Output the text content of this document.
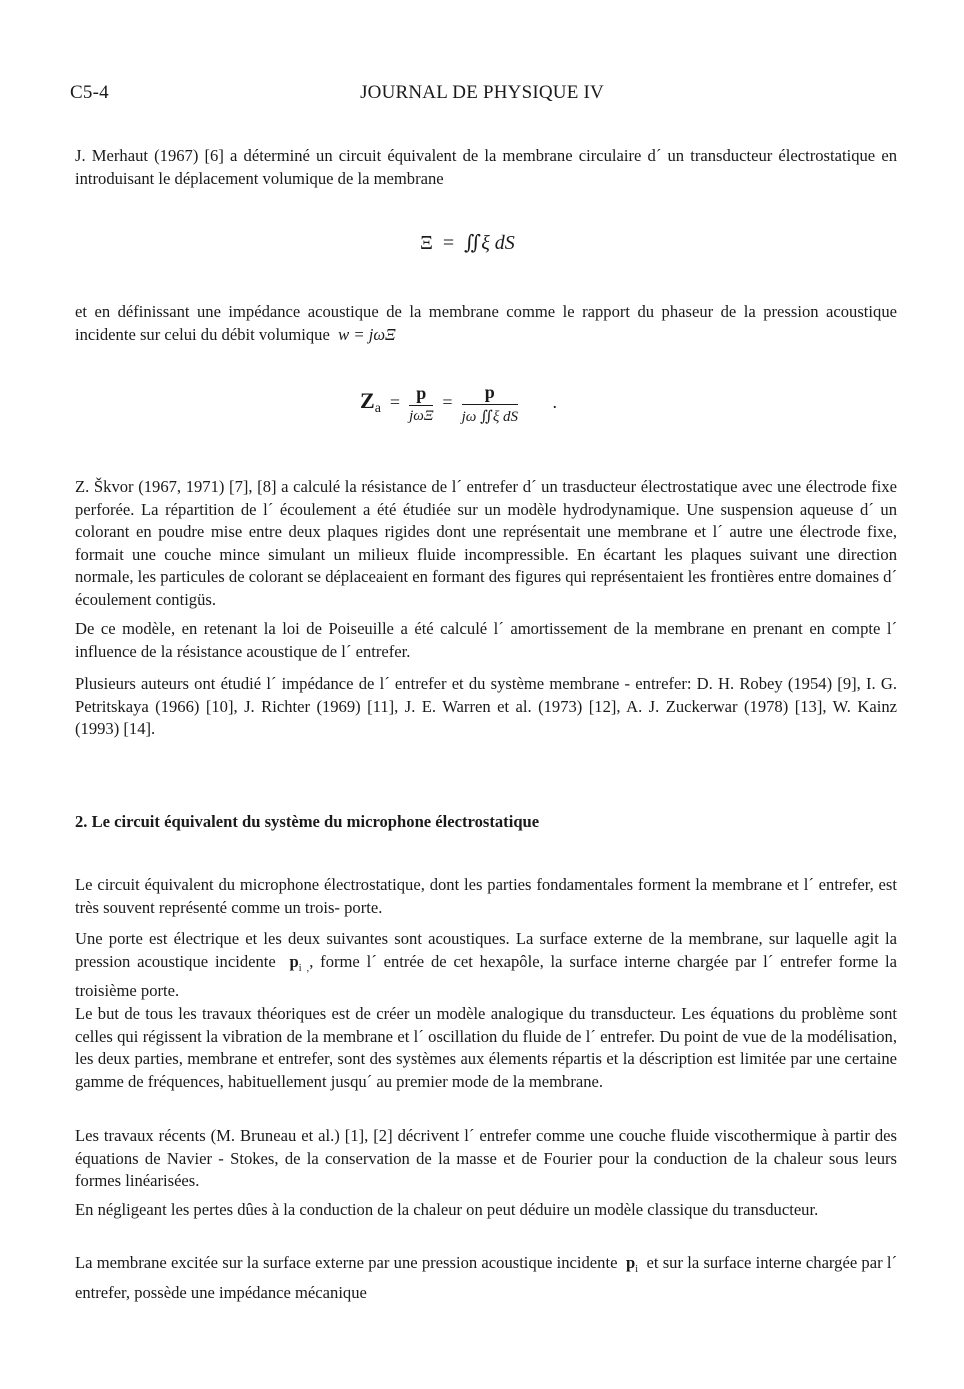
C5-4	JOURNAL DE PHYSIQUE IV
J. Merhaut (1967) [6] a déterminé un circuit équivalent de la membrane circulaire d´ un transducteur électrostatique en introduisant le déplacement volumique de la membrane
Ξ = ∬ξ dS
et en définissant une impédance acoustique de la membrane comme le rapport du phaseur de la pression acoustique incidente sur celui du débit volumique w = jωΞ
$Z_a = \frac{p}{\text{jωΞ}} = \frac{p}{\text{jω ∬ξ dS}}$ .
Z. Škvor (1967, 1971) [7], [8] a calculé la résistance de l´ entrefer d´ un trasducteur électrostatique avec une électrode fixe perforée. La répartition de l´ écoulement a été étudiée sur un modèle hydrodynamique. Une suspension aqueuse d´ un colorant en poudre mise entre deux plaques rigides dont une représentait une membrane et l´ autre une électrode fixe, formait une couche mince simulant un milieux fluide incompressible. En écartant les plaques suivant une direction normale, les particules de colorant se déplaceaient en formant des figures qui représentaient les frontières entre domaines d´ écoulement contigüs.
De ce modèle, en retenant la loi de Poiseuille a été calculé l´ amortissement de la membrane en prenant en compte l´ influence de la résistance acoustique de l´ entrefer.
Plusieurs auteurs ont étudié l´ impédance de l´ entrefer et du système membrane - entrefer: D. H. Robey (1954) [9], I. G. Petritskaya (1966) [10], J. Richter (1969) [11], J. E. Warren et al. (1973) [12], A. J. Zuckerwar (1978) [13], W. Kainz (1993) [14].
2. Le circuit équivalent du système du microphone électrostatique
Le circuit équivalent du microphone électrostatique, dont les parties fondamentales forment la membrane et l´ entrefer, est très souvent représenté comme un trois- porte.
Une porte est électrique et les deux suivantes sont acoustiques. La surface externe de la membrane, sur laquelle agit la pression acoustique incidente $p_{i ,}$, forme l´ entrée de cet hexapôle, la surface interne chargée par l´ entrefer forme la troisième porte.
Le but de tous les travaux théoriques est de créer un modèle analogique du transducteur. Les équations du problème sont celles qui régissent la vibration de la membrane et l´ oscillation du fluide de l´ entrefer. Du point de vue de la modélisation, les deux parties, membrane et entrefer, sont des systèmes aux élements répartis et la déscription est limitée par une certaine gamme de fréquences, habituellement jusqu´ au premier mode de la membrane.
Les travaux récents (M. Bruneau et al.) [1], [2] décrivent l´ entrefer comme une couche fluide viscothermique à partir des équations de Navier - Stokes, de la conservation de la masse et de Fourier pour la conduction de la chaleur sous leurs formes linéarisées.
En négligeant les pertes dûes à la conduction de la chaleur on peut déduire un modèle classique du transducteur.
La membrane excitée sur la surface externe par une pression acoustique incidente $p_i$ et sur la surface interne chargée par l´ entrefer, possède une impédance mécanique
